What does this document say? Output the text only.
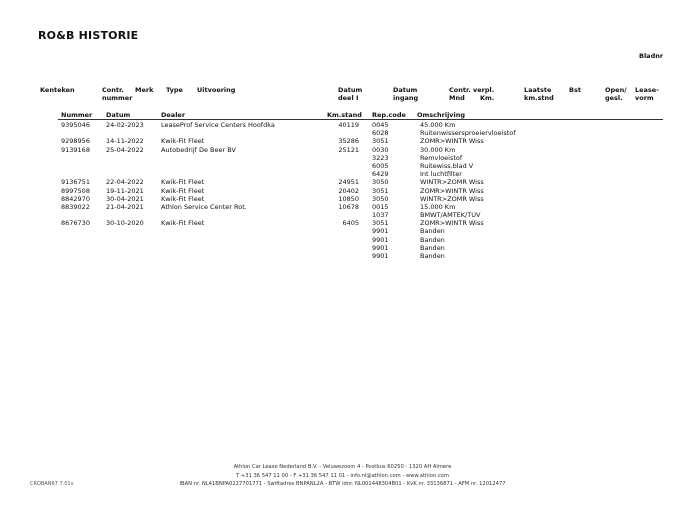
RO&B HISTORIE
Bladnr
Kenteken	Contr.
nummer
Merk Type Uitvoering	Datum
deel I
Datum
ingang
Contr. verpl.
Mnd Km.
Laatste
km.stnd
Bst	Open/
gesl.
Lease-
vorm
Nummer Datum	Dealer	Km.stand Rep.code Omschrijving
9395046 24-02-2023	LeaseProf Service Centers Hoofdka	40119 0045	45.000 Km
6028	Ruitenwissersproeiervloeistof
9298956 14-11-2022	Kwik-Fit Fleet	35286 3051	ZOMR>WINTR Wiss
9139168 25-04-2022	Autobedrijf De Beer BV	25121 0030	30.000 Km
3223	Remvloeistof
6005	Ruitewiss.blad V
6429	Int luchtfilter
9136751 22-04-2022	Kwik-Fit Fleet	24951 3050	WINTR>ZOMR Wiss
8997508 19-11-2021	Kwik-Fit Fleet	20402 3051	ZOMR>WINTR Wiss
8842970 30-04-2021	Kwik-Fit Fleet	10850 3050	WINTR>ZOMR Wiss
8839022 21-04-2021	Athlon Service Center Rot.	10678 0015	15.000 Km
1037	BMWT/AMTEK/TUV
8676730 30-10-2020	Kwik-Fit Fleet	6405 3051	ZOMR>WINTR Wiss
9901	Banden
9901	Banden
9901	Banden
9901	Banden
Athlon Car Lease Nederland B.V. - Veluwezoom 4 - Postbus 60250 - 1320 AH Almere
T +31 36 547 11 00 - F +31 36 547 11 01 - info.nl@athlon.com - www.athlon.com
IBAN nr. NL41BNPA0227701771 - Swiftadres BNPANL2A - BTW idnr. NL001448304B01 - KvK nr. 33136871 - AFM nr. 12012477
CROBAN67 7.01v
